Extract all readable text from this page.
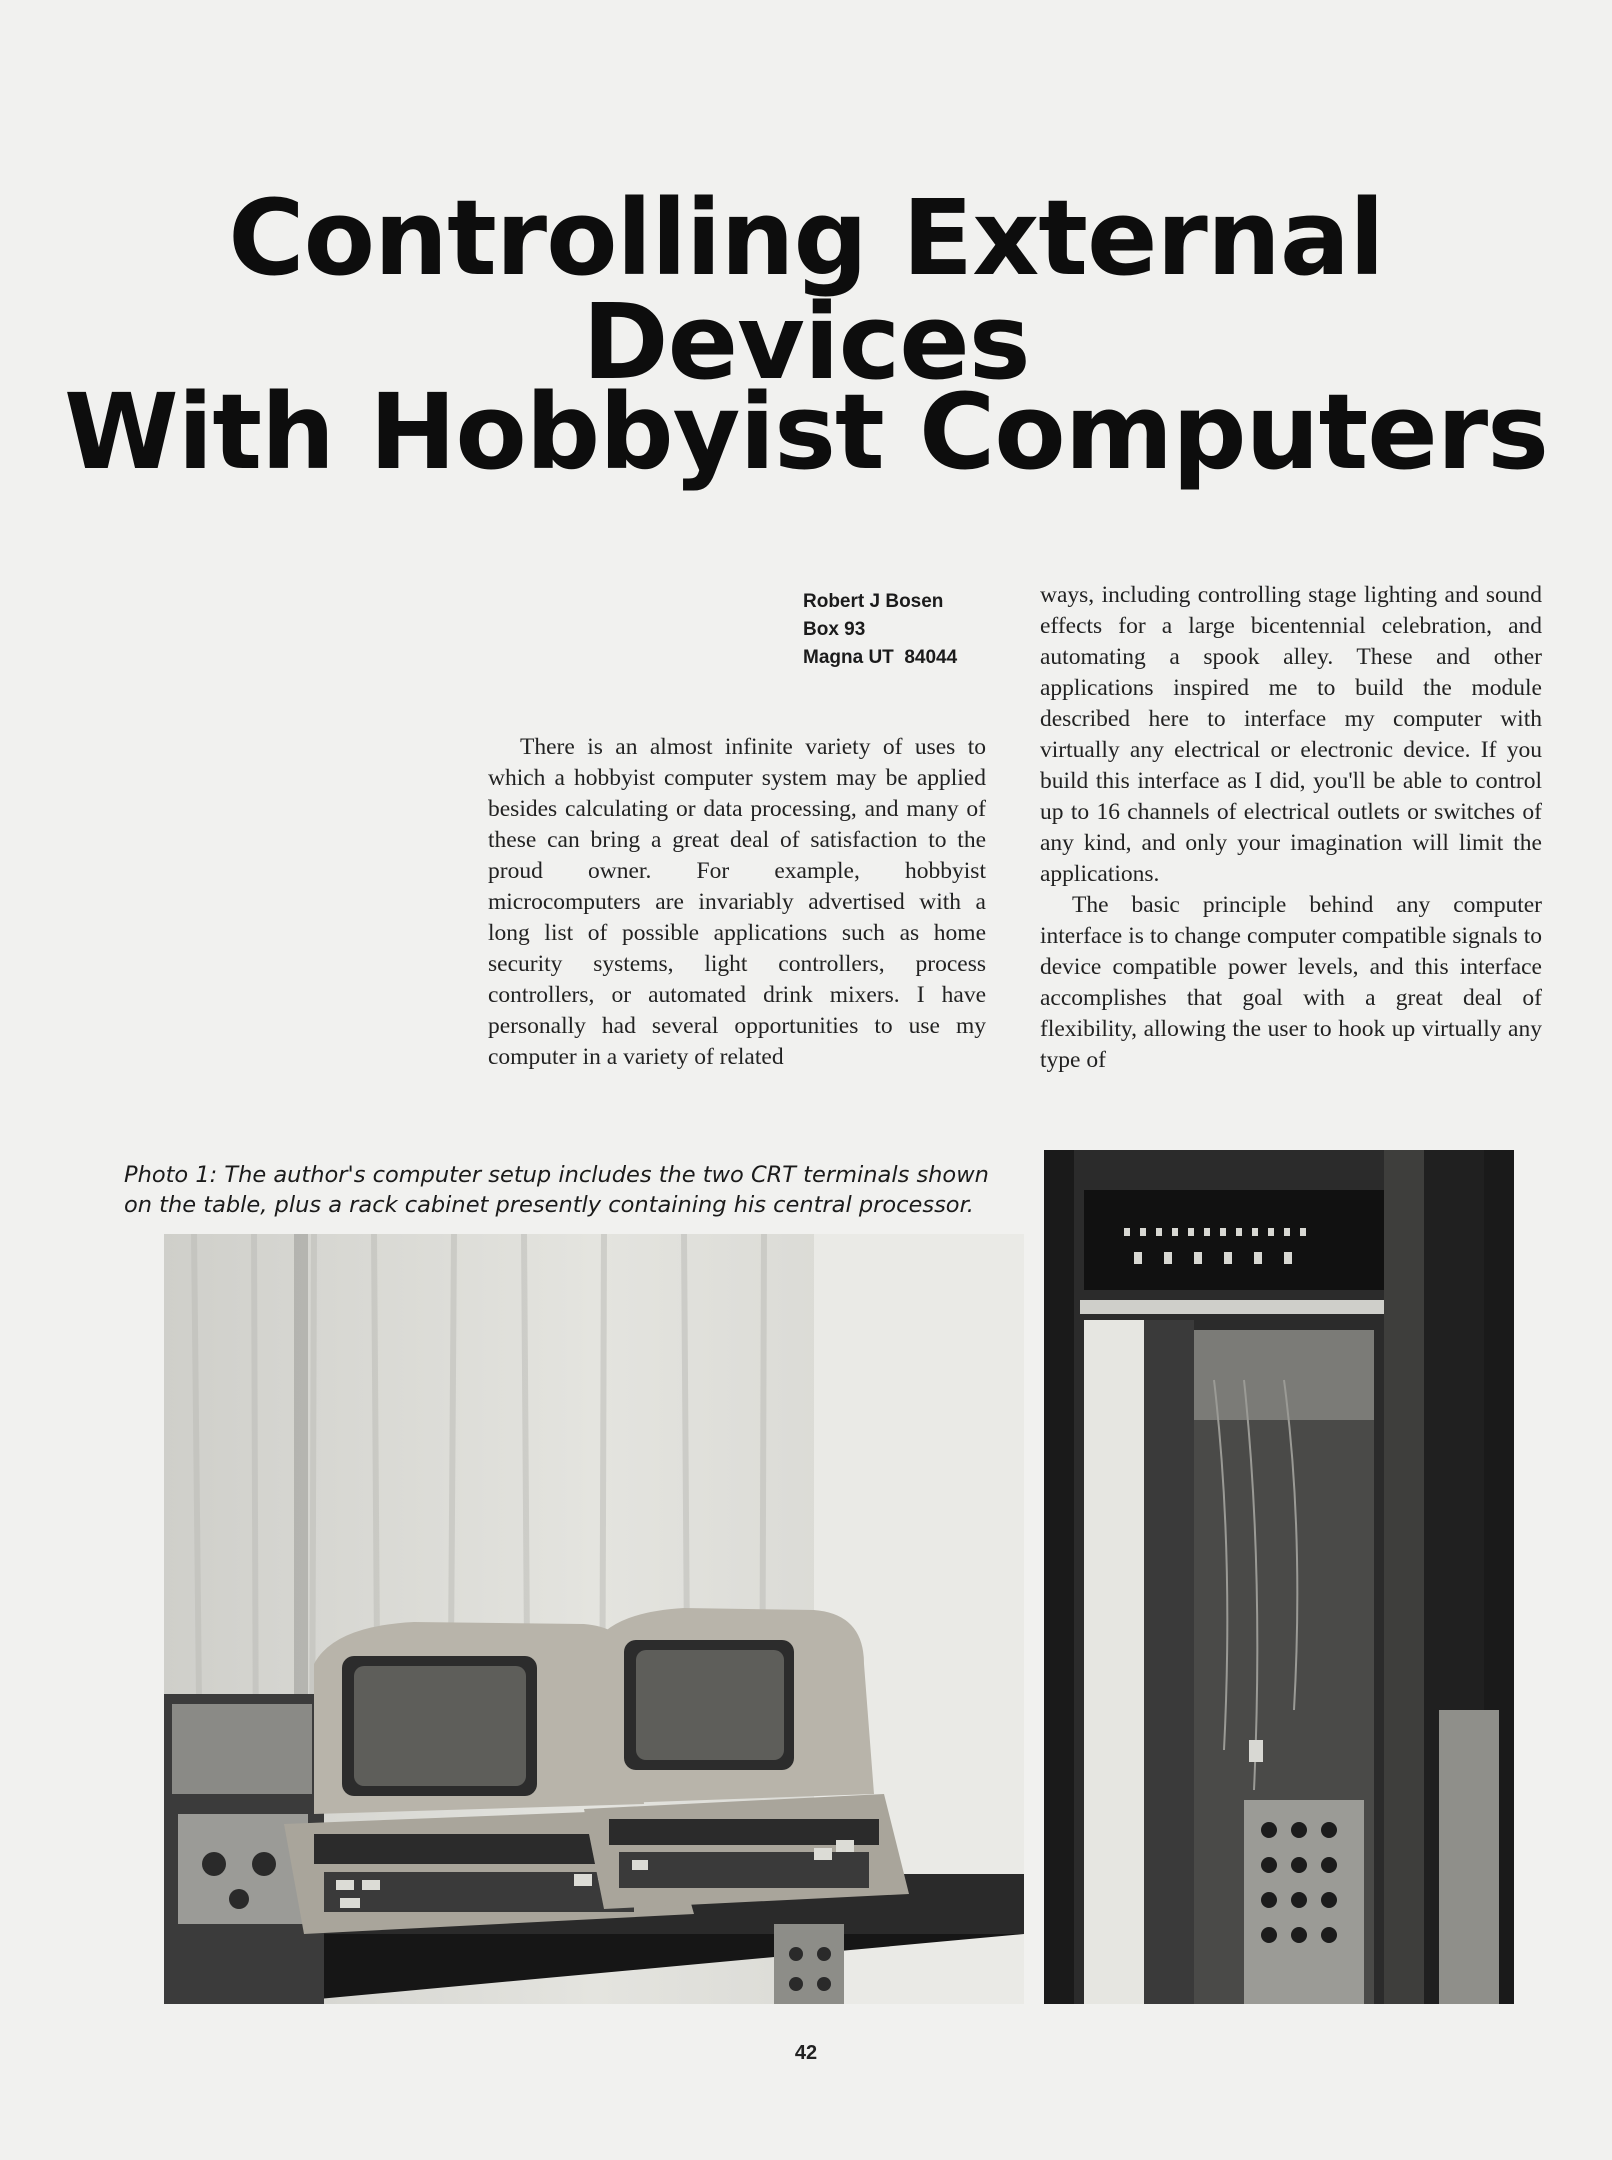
Controlling External Devices
With Hobbyist Computers
Robert J Bosen
Box 93
Magna UT  84044

There is an almost infinite variety of uses to which a hobbyist computer system may be applied besides calculating or data processing, and many of these can bring a great deal of satisfaction to the proud owner. For example, hobbyist microcomputers are invariably advertised with a long list of possible applications such as home security systems, light controllers, process controllers, or automated drink mixers. I have personally had several opportunities to use my computer in a variety of related

ways, including controlling stage lighting and sound effects for a large bicentennial celebration, and automating a spook alley. These and other applications inspired me to build the module described here to interface my computer with virtually any electrical or electronic device. If you build this interface as I did, you'll be able to control up to 16 channels of electrical outlets or switches of any kind, and only your imagination will limit the applications.

The basic principle behind any computer interface is to change computer compatible signals to device compatible power levels, and this interface accomplishes that goal with a great deal of flexibility, allowing the user to hook up virtually any type of

Photo 1: The author's computer setup includes the two CRT terminals shown
on the table, plus a rack cabinet presently containing his central processor.
42
